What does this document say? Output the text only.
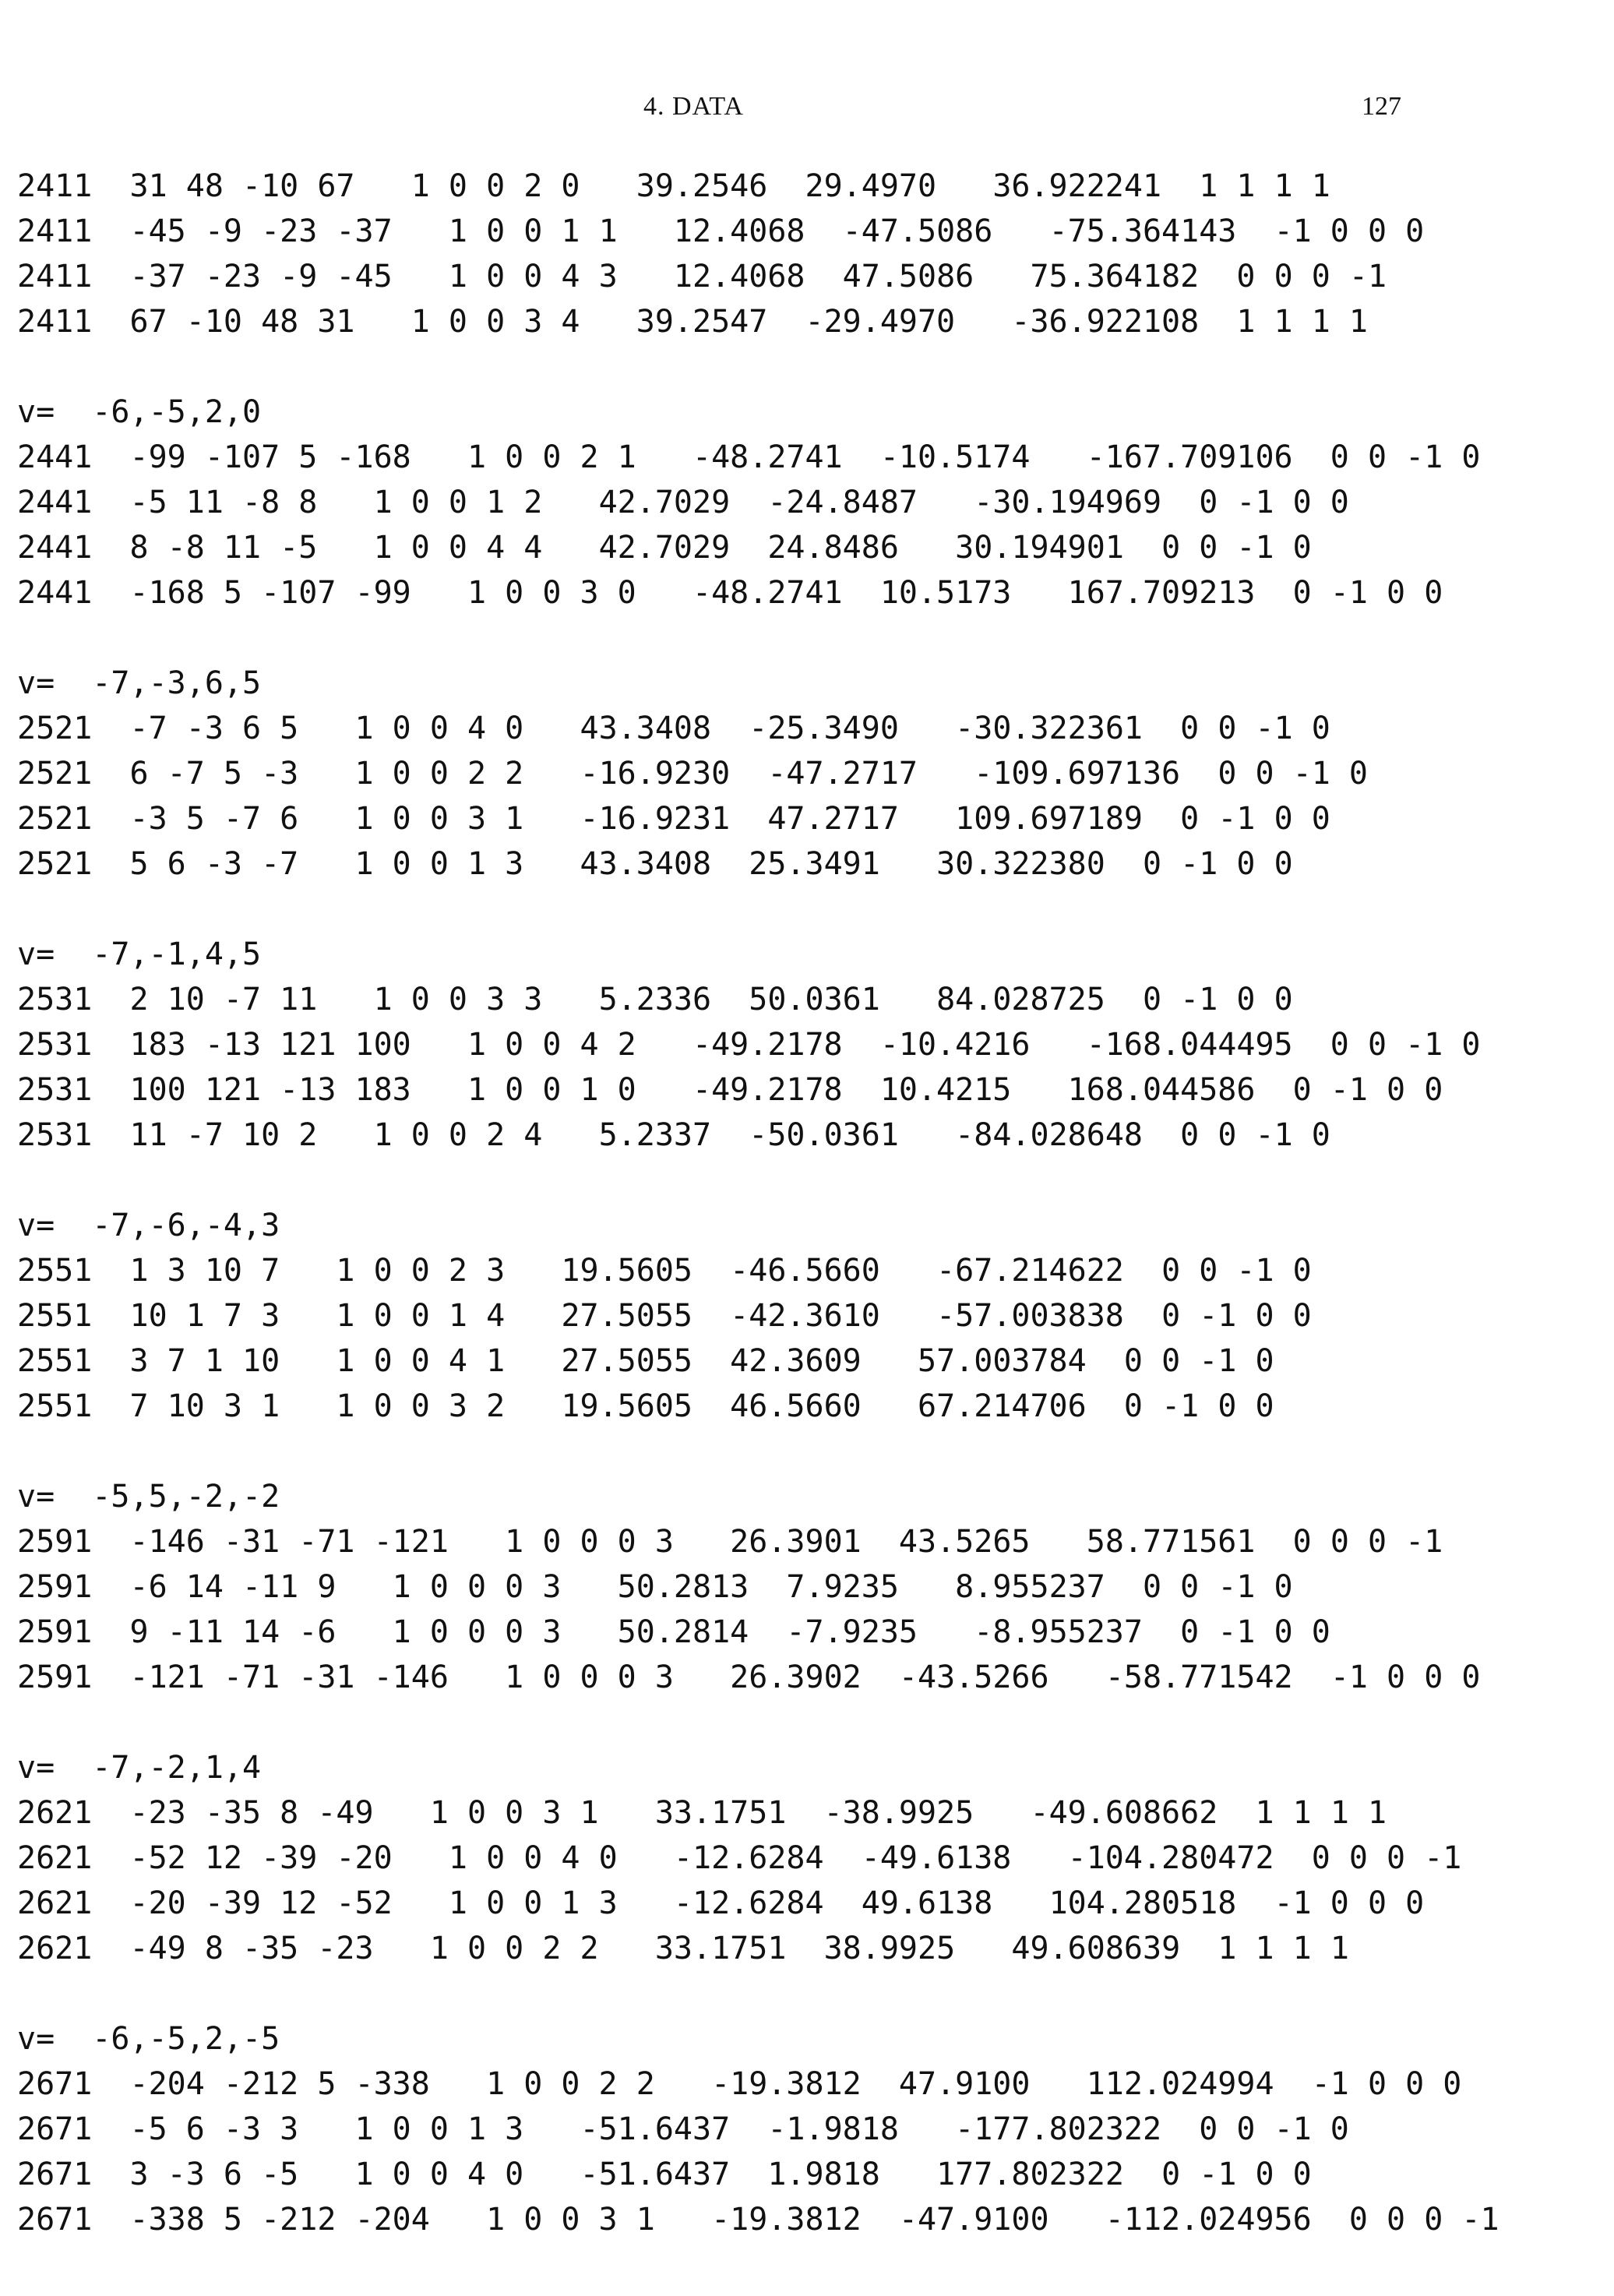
4. DATA	127
2411 31 48 -10 67 1 0 0 2 0 39.2546 29.4970 36.922241 1 1 1 1
2411 -45 -9 -23 -37 1 0 0 1 1 12.4068 -47.5086 -75.364143 -1 0 0 0
2411 -37 -23 -9 -45 1 0 0 4 3 12.4068 47.5086 75.364182 0 0 0 -1
2411 67 -10 48 31 1 0 0 3 4 39.2547 -29.4970 -36.922108 1 1 1 1
v=  -6,-5,2,0
2441 -99 -107 5 -168 1 0 0 2 1 -48.2741 -10.5174 -167.709106 0 0 -1 0
2441 -5 11 -8 8 1 0 0 1 2 42.7029 -24.8487 -30.194969 0 -1 0 0
2441 8 -8 11 -5 1 0 0 4 4 42.7029 24.8486 30.194901 0 0 -1 0
2441 -168 5 -107 -99 1 0 0 3 0 -48.2741 10.5173 167.709213 0 -1 0 0
v=  -7,-3,6,5
2521 -7 -3 6 5 1 0 0 4 0 43.3408 -25.3490 -30.322361 0 0 -1 0
2521 6 -7 5 -3 1 0 0 2 2 -16.9230 -47.2717 -109.697136 0 0 -1 0
2521 -3 5 -7 6 1 0 0 3 1 -16.9231 47.2717 109.697189 0 -1 0 0
2521 5 6 -3 -7 1 0 0 1 3 43.3408 25.3491 30.322380 0 -1 0 0
v=  -7,-1,4,5
2531 2 10 -7 11 1 0 0 3 3 5.2336 50.0361 84.028725 0 -1 0 0
2531 183 -13 121 100 1 0 0 4 2 -49.2178 -10.4216 -168.044495 0 0 -1 0
2531 100 121 -13 183 1 0 0 1 0 -49.2178 10.4215 168.044586 0 -1 0 0
2531 11 -7 10 2 1 0 0 2 4 5.2337 -50.0361 -84.028648 0 0 -1 0
v=  -7,-6,-4,3
2551 1 3 10 7 1 0 0 2 3 19.5605 -46.5660 -67.214622 0 0 -1 0
2551 10 1 7 3 1 0 0 1 4 27.5055 -42.3610 -57.003838 0 -1 0 0
2551 3 7 1 10 1 0 0 4 1 27.5055 42.3609 57.003784 0 0 -1 0
2551 7 10 3 1 1 0 0 3 2 19.5605 46.5660 67.214706 0 -1 0 0
v=  -5,5,-2,-2
2591 -146 -31 -71 -121 1 0 0 0 3 26.3901 43.5265 58.771561 0 0 0 -1
2591 -6 14 -11 9 1 0 0 0 3 50.2813 7.9235 8.955237 0 0 -1 0
2591 9 -11 14 -6 1 0 0 0 3 50.2814 -7.9235 -8.955237 0 -1 0 0
2591 -121 -71 -31 -146 1 0 0 0 3 26.3902 -43.5266 -58.771542 -1 0 0 0
v=  -7,-2,1,4
2621 -23 -35 8 -49 1 0 0 3 1 33.1751 -38.9925 -49.608662 1 1 1 1
2621 -52 12 -39 -20 1 0 0 4 0 -12.6284 -49.6138 -104.280472 0 0 0 -1
2621 -20 -39 12 -52 1 0 0 1 3 -12.6284 49.6138 104.280518 -1 0 0 0
2621 -49 8 -35 -23 1 0 0 2 2 33.1751 38.9925 49.608639 1 1 1 1
v=  -6,-5,2,-5
2671 -204 -212 5 -338 1 0 0 2 2 -19.3812 47.9100 112.024994 -1 0 0 0
2671 -5 6 -3 3 1 0 0 1 3 -51.6437 -1.9818 -177.802322 0 0 -1 0
2671 3 -3 6 -5 1 0 0 4 0 -51.6437 1.9818 177.802322 0 -1 0 0
2671 -338 5 -212 -204 1 0 0 3 1 -19.3812 -47.9100 -112.024956 0 0 0 -1
